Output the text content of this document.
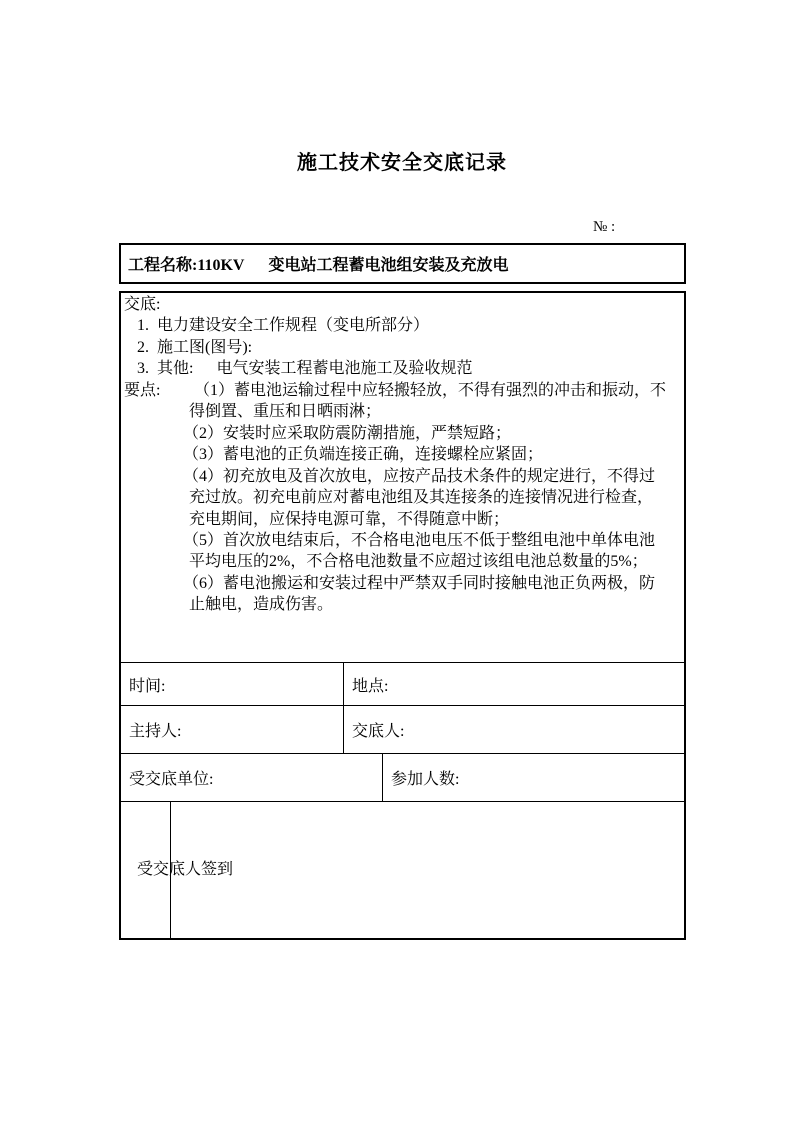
施工技术安全交底记录
№ :
工程名称:110KV 变电站工程蓄电池组安装及充放电
交底:
1. 电力建设安全工作规程（变电所部分）
2. 施工图(图号):
3. 其他: 电气安装工程蓄电池施工及验收规范
要点: （1）蓄电池运输过程中应轻搬轻放，不得有强烈的冲击和振动，不
得倒置、重压和日晒雨淋；
（2）安装时应采取防震防潮措施，严禁短路；
（3）蓄电池的正负端连接正确，连接螺栓应紧固；
（4）初充放电及首次放电，应按产品技术条件的规定进行，不得过
充过放。初充电前应对蓄电池组及其连接条的连接情况进行检查，
充电期间，应保持电源可靠，不得随意中断；
（5）首次放电结束后，不合格电池电压不低于整组电池中单体电池
平均电压的2%，不合格电池数量不应超过该组电池总数量的5%；
（6）蓄电池搬运和安装过程中严禁双手同时接触电池正负两极，防
止触电，造成伤害。
时间:	地点:
主持人:	交底人:
受交底单位:	参加人数:
受交底人签到
